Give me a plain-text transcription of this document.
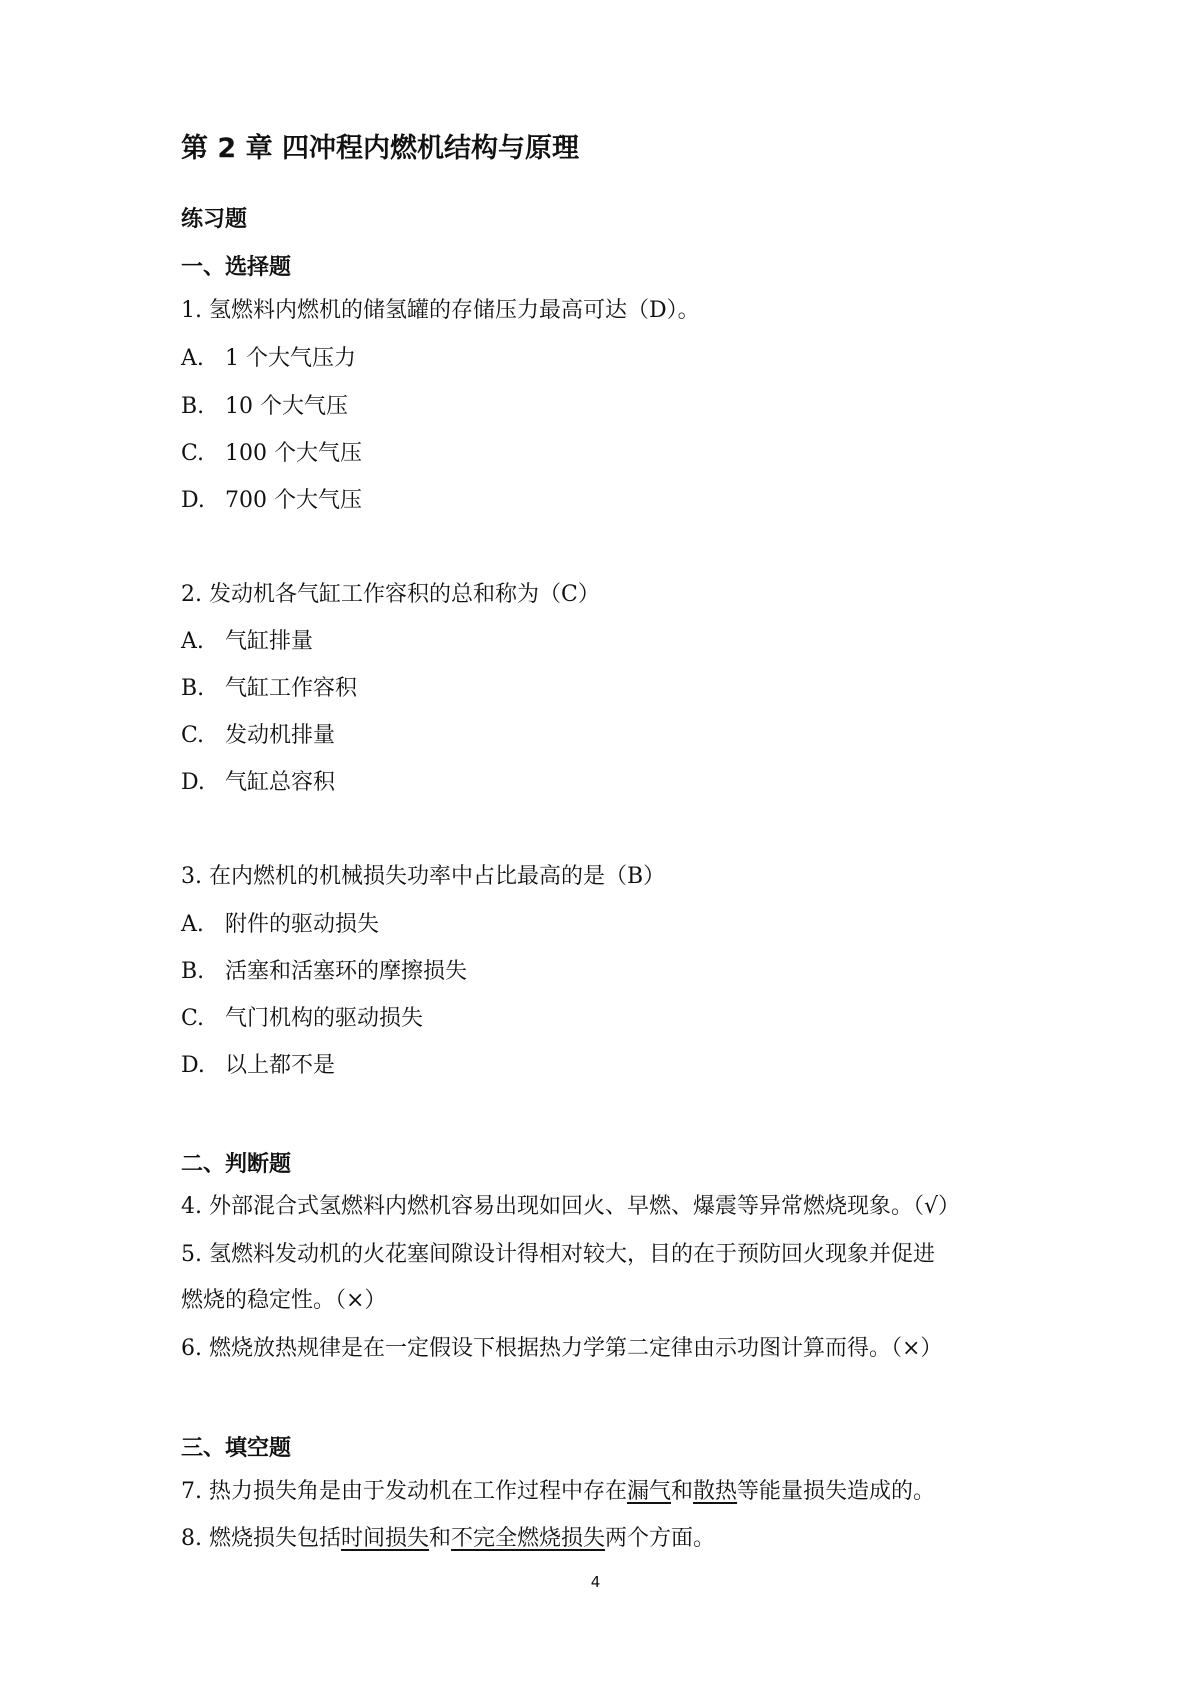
第 2 章 四冲程内燃机结构与原理
练习题
一、选择题
1. 氢燃料内燃机的储氢罐的存储压力最高可达（D）。
A. 1 个大气压力
B. 10 个大气压
C. 100 个大气压
D. 700 个大气压
2. 发动机各气缸工作容积的总和称为（C）
A. 气缸排量
B. 气缸工作容积
C. 发动机排量
D. 气缸总容积
3. 在内燃机的机械损失功率中占比最高的是（B）
A. 附件的驱动损失
B. 活塞和活塞环的摩擦损失
C. 气门机构的驱动损失
D. 以上都不是
二、判断题
4. 外部混合式氢燃料内燃机容易出现如回火、早燃、爆震等异常燃烧现象。（√）
5. 氢燃料发动机的火花塞间隙设计得相对较大，目的在于预防回火现象并促进
燃烧的稳定性。（×）
6. 燃烧放热规律是在一定假设下根据热力学第二定律由示功图计算而得。（×）
三、填空题
7. 热力损失角是由于发动机在工作过程中存在漏气和散热等能量损失造成的。
8. 燃烧损失包括时间损失和不完全燃烧损失两个方面。
4
